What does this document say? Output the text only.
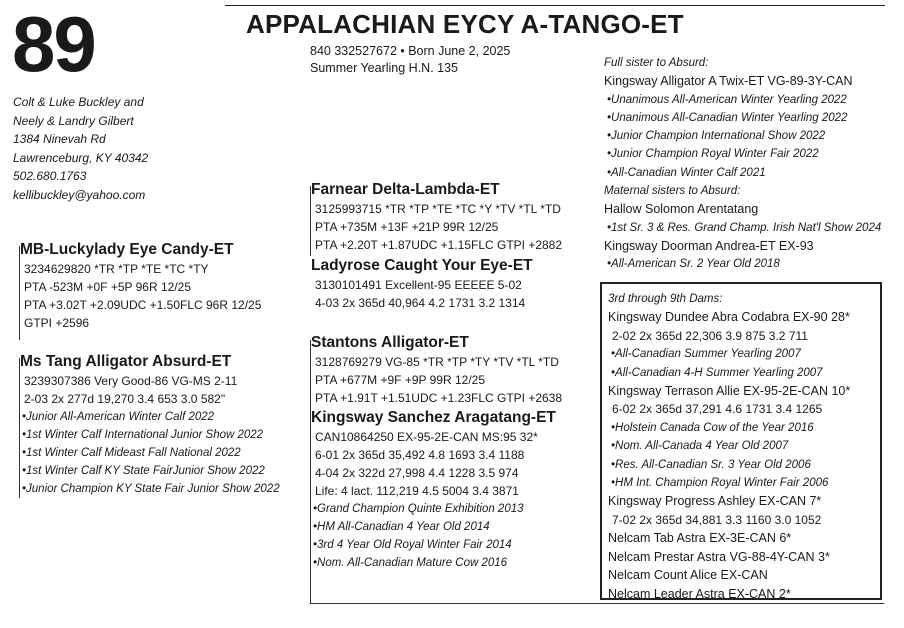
89	APPALACHIAN EYCY A-TANGO-ET
840 332527672 • Born June 2, 2025
Summer Yearling H.N. 135
Colt & Luke Buckley and
Neely & Landry Gilbert
1384 Ninevah Rd
Lawrenceburg, KY 40342
502.680.1763
kellibuckley@yahoo.com
MB-Luckylady Eye Candy-ET
3234629820 *TR *TP *TE *TC *TY
PTA -523M +0F +5P 96R 12/25
PTA +3.02T +2.09UDC +1.50FLC 96R 12/25
GTPI +2596
Ms Tang Alligator Absurd-ET
3239307386 Very Good-86 VG-MS 2-11
2-03 2x 277d 19,270 3.4 653 3.0 582"
•Junior All-American Winter Calf 2022
•1st Winter Calf International Junior Show 2022
•1st Winter Calf Mideast Fall National 2022
•1st Winter Calf KY State FairJunior Show 2022
•Junior Champion KY State Fair Junior Show 2022
Farnear Delta-Lambda-ET
3125993715 *TR *TP *TE *TC *Y *TV *TL *TD
PTA +735M +13F +21P 99R 12/25
PTA +2.20T +1.87UDC +1.15FLC GTPI +2882
Ladyrose Caught Your Eye-ET
3130101491 Excellent-95 EEEEE 5-02
4-03 2x 365d 40,964 4.2 1731 3.2 1314
Stantons Alligator-ET
3128769279 VG-85 *TR *TP *TY *TV *TL *TD
PTA +677M +9F +9P 99R 12/25
PTA +1.91T +1.51UDC +1.23FLC GTPI +2638
Kingsway Sanchez Aragatang-ET
CAN10864250 EX-95-2E-CAN MS:95 32*
6-01 2x 365d 35,492 4.8 1693 3.4 1188
4-04 2x 322d 27,998 4.4 1228 3.5 974
Life: 4 lact. 112,219 4.5 5004 3.4 3871
•Grand Champion Quinte Exhibition 2013
•HM All-Canadian 4 Year Old 2014
•3rd 4 Year Old Royal Winter Fair 2014
•Nom. All-Canadian Mature Cow 2016
Full sister to Absurd:
Kingsway Alligator A Twix-ET VG-89-3Y-CAN
•Unanimous All-American Winter Yearling 2022
•Unanimous All-Canadian Winter Yearling 2022
•Junior Champion International Show 2022
•Junior Champion Royal Winter Fair 2022
•All-Canadian Winter Calf 2021
Maternal sisters to Absurd:
Hallow Solomon Arentatang
•1st Sr. 3 & Res. Grand Champ. Irish Nat'l Show 2024
Kingsway Doorman Andrea-ET EX-93
•All-American Sr. 2 Year Old 2018
3rd through 9th Dams:
Kingsway Dundee Abra Codabra EX-90 28*
2-02 2x 365d 22,306 3.9 875 3.2 711
•All-Canadian Summer Yearling 2007
•All-Canadian 4-H Summer Yearling 2007
Kingsway Terrason Allie EX-95-2E-CAN 10*
6-02 2x 365d 37,291 4.6 1731 3.4 1265
•Holstein Canada Cow of the Year 2016
•Nom. All-Canada 4 Year Old 2007
•Res. All-Canadian Sr. 3 Year Old 2006
•HM Int. Champion Royal Winter Fair 2006
Kingsway Progress Ashley EX-CAN 7*
7-02 2x 365d 34,881 3.3 1160 3.0 1052
Nelcam Tab Astra EX-3E-CAN 6*
Nelcam Prestar Astra VG-88-4Y-CAN 3*
Nelcam Count Alice EX-CAN
Nelcam Leader Astra EX-CAN 2*
